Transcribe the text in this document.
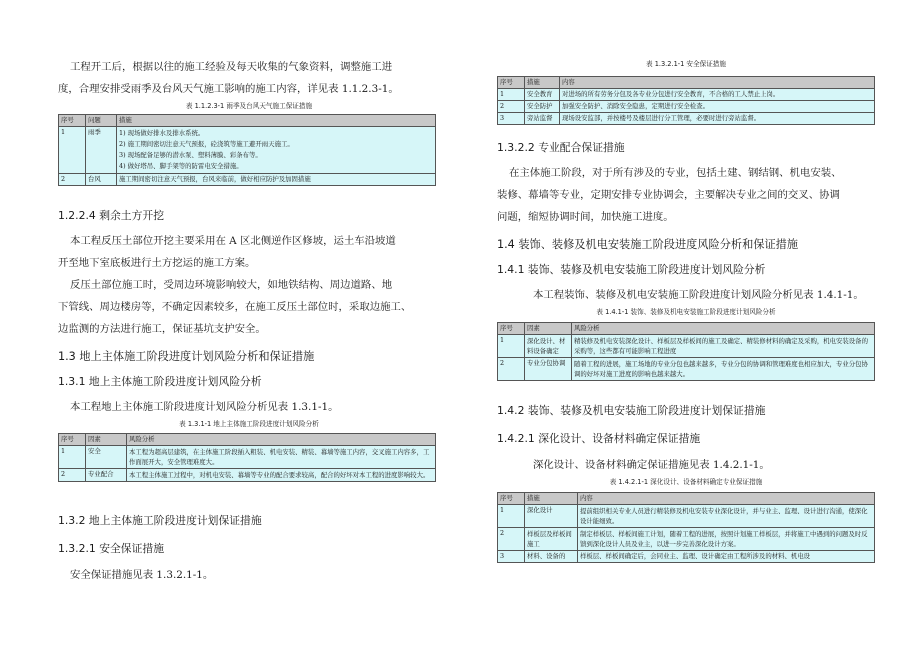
工程开工后，根据以往的施工经验及每天收集的气象资料，调整施工进
度，合理安排受雨季及台风天气施工影响的施工内容，详见表 1.1.2.3-1。
表 1.1.2.3-1 雨季及台风天气施工保证措施
序号	问题	措施
1	雨季	1) 现场做好排水及排水系统。
2) 施工期间密切注意天气预报，砼浇筑等施工避开雨天施工。
3) 现场配备足够的潜水泵、塑料薄膜、彩条布等。
4) 做好塔吊、脚手架等的防雷电安全措施。

2	台风	施工期间密切注意天气预报，台风来临前，做好相应防护及加固措施
1.2.2.4 剩余土方开挖
本工程反压土部位开挖主要采用在 A 区北侧逆作区修坡，运土车沿坡道
开至地下室底板进行土方挖运的施工方案。
反压土部位施工时，受周边环境影响较大，如地铁结构、周边道路、地
下管线、周边楼房等，不确定因素较多，在施工反压土部位时，采取边施工、
边监测的方法进行施工，保证基坑支护安全。
1.3 地上主体施工阶段进度计划风险分析和保证措施
1.3.1 地上主体施工阶段进度计划风险分析
本工程地上主体施工阶段进度计划风险分析见表 1.3.1-1。
表 1.3.1-1 地上主体施工阶段进度计划风险分析
序号	因素	风险分析
1	安全	本工程为超高层建筑，在主体施工阶段插入粗装、机电安装、精装、幕墙等施工内容，交叉施工内容多，工作面展开大，安全管理难度大。
2	专业配合	本工程主体施工过程中，对机电安装、幕墙等专业的配合要求较高，配合的好坏对本工程的进度影响较大。
1.3.2 地上主体施工阶段进度计划保证措施
1.3.2.1 安全保证措施
安全保证措施见表 1.3.2.1-1。
表 1.3.2.1-1 安全保证措施
序号	措施	内容
1	安全教育	对进场的所有劳务分包及各专业分包进行安全教育，不合格的工人禁止上岗。
2	安全防护	加强安全防护、消除安全隐患，定期进行安全检查。
3	旁站监督	现场设安监部，并按楼号及楼层进行分工管理，必要时进行旁站监督。
1.3.2.2 专业配合保证措施
在主体施工阶段，对于所有涉及的专业，包括土建、钢结钢、机电安装、
装修、幕墙等专业，定期安排专业协调会，主要解决专业之间的交叉、协调
问题，缩短协调时间，加快施工进度。
1.4 装饰、装修及机电安装施工阶段进度风险分析和保证措施
1.4.1 装饰、装修及机电安装施工阶段进度计划风险分析
本工程装饰、装修及机电安装施工阶段进度计划风险分析见表 1.4.1-1。
表 1.4.1-1 装饰、装修及机电安装施工阶段进度计划风险分析
序号	因素	风险分析
1	深化设计、材料设备确定	精装修及机电安装深化设计、样板层及样板间的施工及确定、精装修材料的确定及采购，机电安装设备的采购等，这些都有可能影响工程进度
2	专业分包协调	随着工程的进展，施工场地的专业分包也越来越多，专业分包的协调和管理难度也相应加大，专业分包协调的好坏对施工进度的影响也越来越大。
1.4.2 装饰、装修及机电安装施工阶段进度计划保证措施
1.4.2.1 深化设计、设备材料确定保证措施
深化设计、设备材料确定保证措施见表 1.4.2.1-1。
表 1.4.2.1-1 深化设计、设备材料确定专业保证措施
序号	措施	内容
1	深化设计	提前组织相关专业人员进行精装修及机电安装专业深化设计，并与业主、监理、设计进行沟通，使深化设计能细致。
2	样板层及样板间施工	制定样板层、样板间施工计划，随着工程的进展，按照计划施工样板层，并将施工中遇到的问题及时反馈到深化设计人员及业主，以进一步完善深化设计方案。
3	材料、设备的	样板层、样板间确定后，会同业主、监理、设计确定由工程所涉及的材料、机电设
